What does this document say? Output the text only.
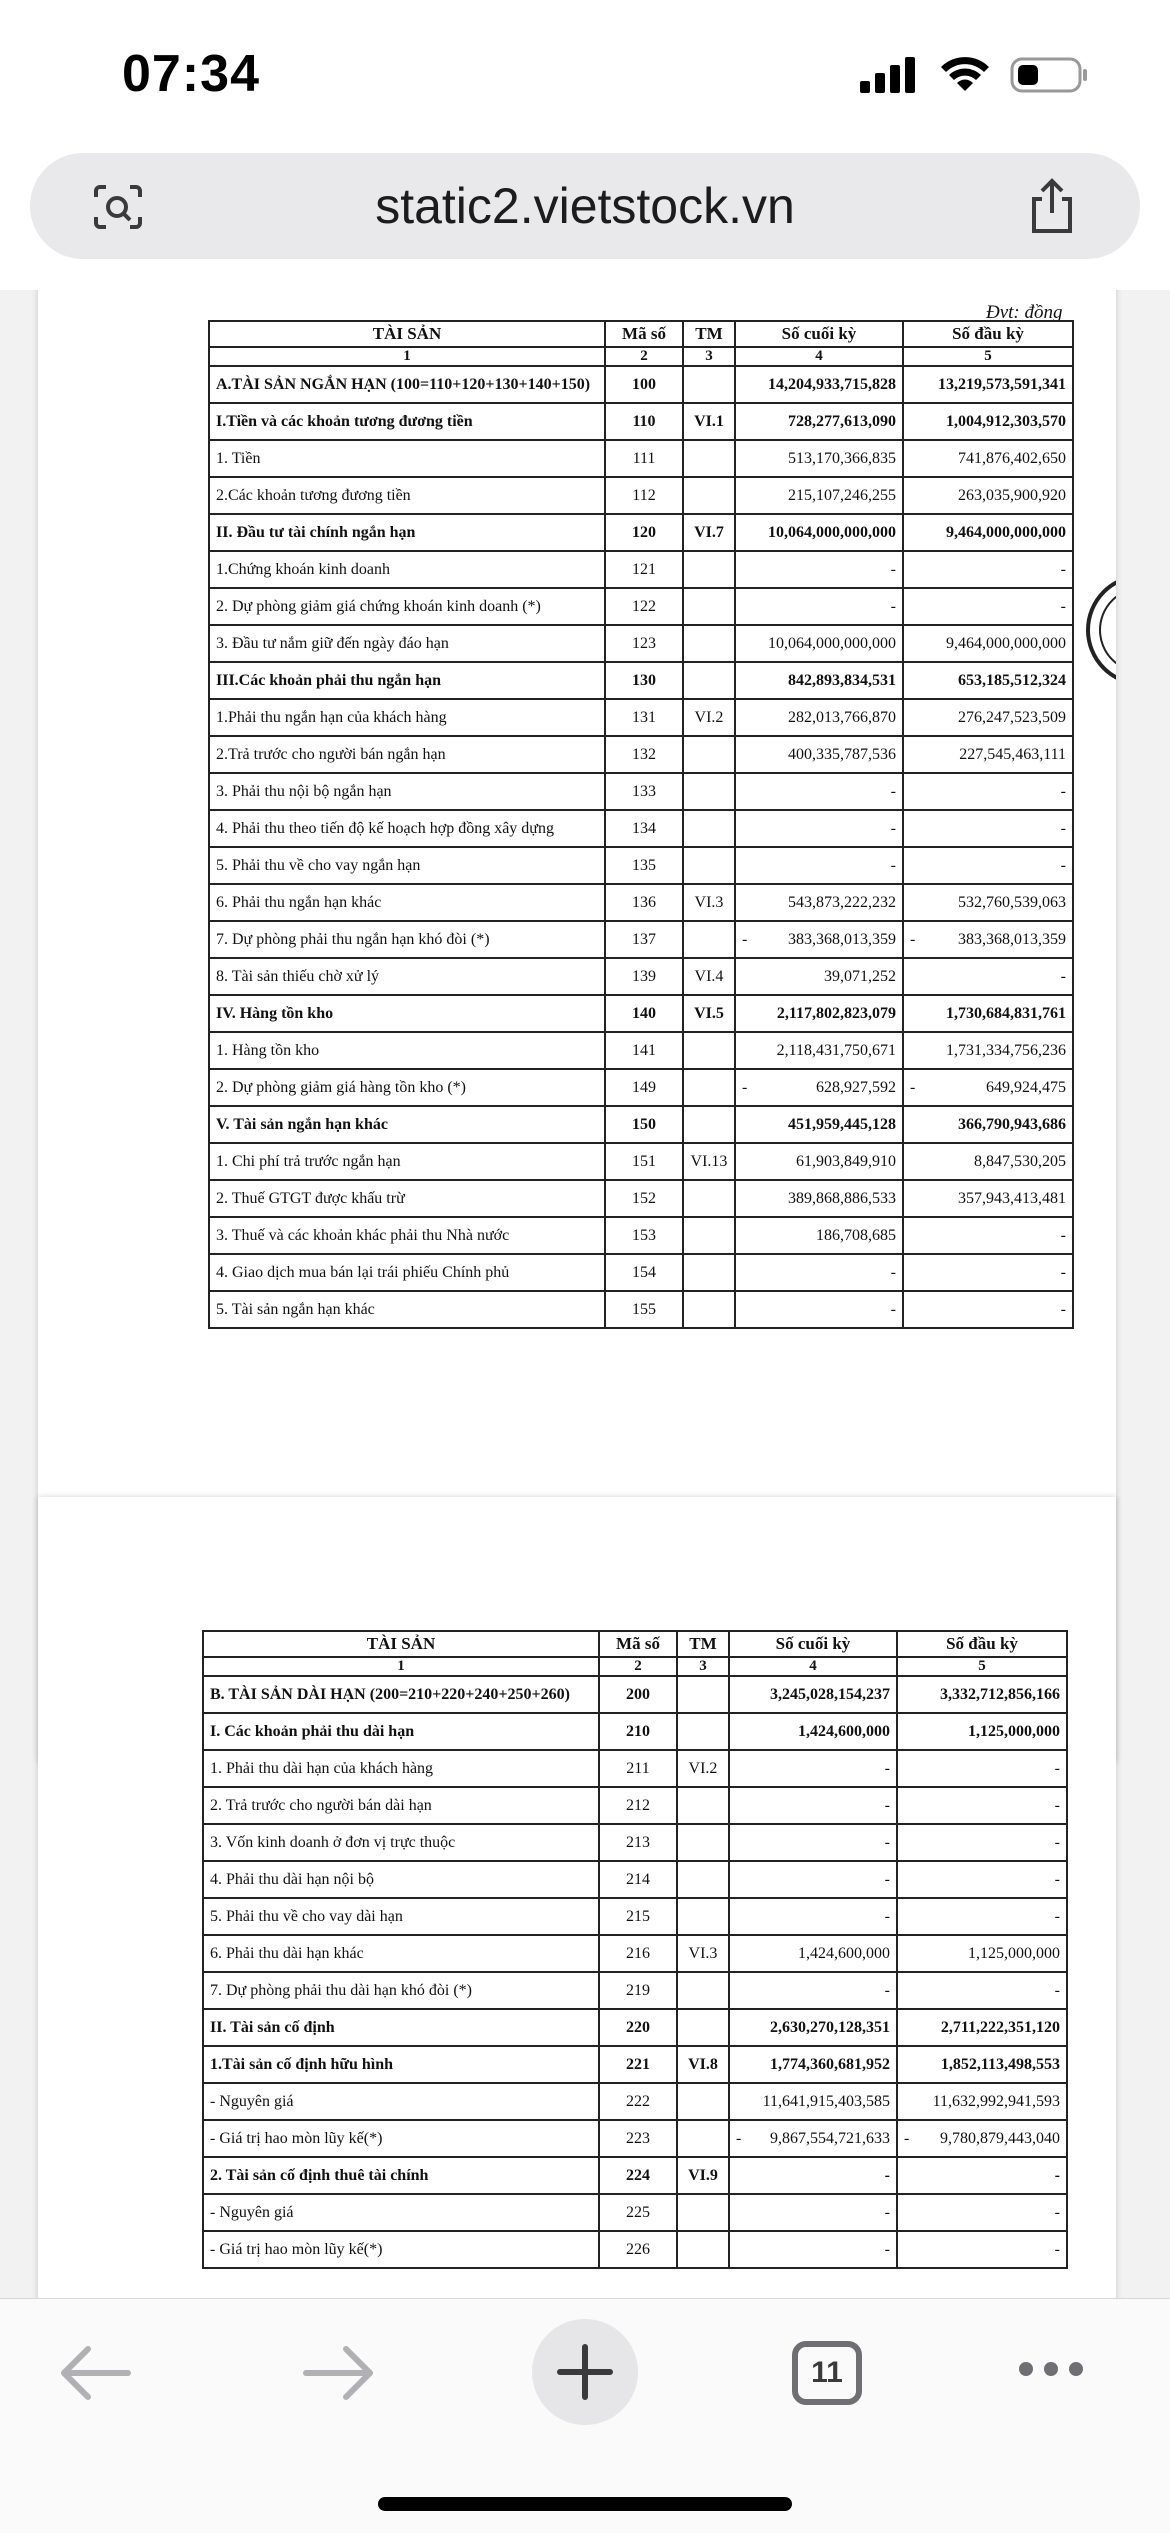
07:34
static2.vietstock.vn
Đvt: đồng
TÀI SẢN	Mã số	TM	Số cuối kỳ	Số đầu kỳ
1	2	3	4	5
A.TÀI SẢN NGẮN HẠN (100=110+120+130+140+150)	100		14,204,933,715,828	13,219,573,591,341
I.Tiền và các khoản tương đương tiền	110	VI.1	728,277,613,090	1,004,912,303,570
1. Tiền	111		513,170,366,835	741,876,402,650
2.Các khoản tương đương tiền	112		215,107,246,255	263,035,900,920
II. Đầu tư tài chính ngắn hạn	120	VI.7	10,064,000,000,000	9,464,000,000,000
1.Chứng khoán kinh doanh	121		-	-
2. Dự phòng giảm giá chứng khoán kinh doanh (*)	122		-	-
3. Đầu tư nắm giữ đến ngày đáo hạn	123		10,064,000,000,000	9,464,000,000,000
III.Các khoản phải thu ngắn hạn	130		842,893,834,531	653,185,512,324
1.Phải thu ngắn hạn của khách hàng	131	VI.2	282,013,766,870	276,247,523,509
2.Trả trước cho người bán ngắn hạn	132		400,335,787,536	227,545,463,111
3. Phải thu nội bộ ngắn hạn	133		-	-
4. Phải thu theo tiến độ kế hoạch hợp đồng xây dựng	134		-	-
5. Phải thu về cho vay ngắn hạn	135		-	-
6. Phải thu ngắn hạn khác	136	VI.3	543,873,222,232	532,760,539,063
7. Dự phòng phải thu ngắn hạn khó đòi (*)	137		- 383,368,013,359	- 383,368,013,359
8. Tài sản thiếu chờ xử lý	139	VI.4	39,071,252	-
IV. Hàng tồn kho	140	VI.5	2,117,802,823,079	1,730,684,831,761
1. Hàng tồn kho	141		2,118,431,750,671	1,731,334,756,236
2. Dự phòng giảm giá hàng tồn kho (*)	149		- 628,927,592	- 649,924,475
V. Tài sản ngắn hạn khác	150		451,959,445,128	366,790,943,686
1. Chi phí trả trước ngắn hạn	151	VI.13	61,903,849,910	8,847,530,205
2. Thuế GTGT được khấu trừ	152		389,868,886,533	357,943,413,481
3. Thuế và các khoản khác phải thu Nhà nước	153		186,708,685	-
4. Giao dịch mua bán lại trái phiếu Chính phủ	154		-	-
5. Tài sản ngắn hạn khác	155		-	-
TÀI SẢN	Mã số	TM	Số cuối kỳ	Số đầu kỳ
1	2	3	4	5
B. TÀI SẢN DÀI HẠN (200=210+220+240+250+260)	200		3,245,028,154,237	3,332,712,856,166
I. Các khoản phải thu dài hạn	210		1,424,600,000	1,125,000,000
1. Phải thu dài hạn của khách hàng	211	VI.2	-	-
2. Trả trước cho người bán dài hạn	212		-	-
3. Vốn kinh doanh ở đơn vị trực thuộc	213		-	-
4. Phải thu dài hạn nội bộ	214		-	-
5. Phải thu về cho vay dài hạn	215		-	-
6. Phải thu dài hạn khác	216	VI.3	1,424,600,000	1,125,000,000
7. Dự phòng phải thu dài hạn khó đòi (*)	219		-	-
II. Tài sản cố định	220		2,630,270,128,351	2,711,222,351,120
1.Tài sản cố định hữu hình	221	VI.8	1,774,360,681,952	1,852,113,498,553
- Nguyên giá	222		11,641,915,403,585	11,632,992,941,593
- Giá trị hao mòn lũy kế(*)	223		- 9,867,554,721,633	- 9,780,879,443,040
2. Tài sản cố định thuê tài chính	224	VI.9	-	-
- Nguyên giá	225		-	-
- Giá trị hao mòn lũy kế(*)	226		-	-
11
